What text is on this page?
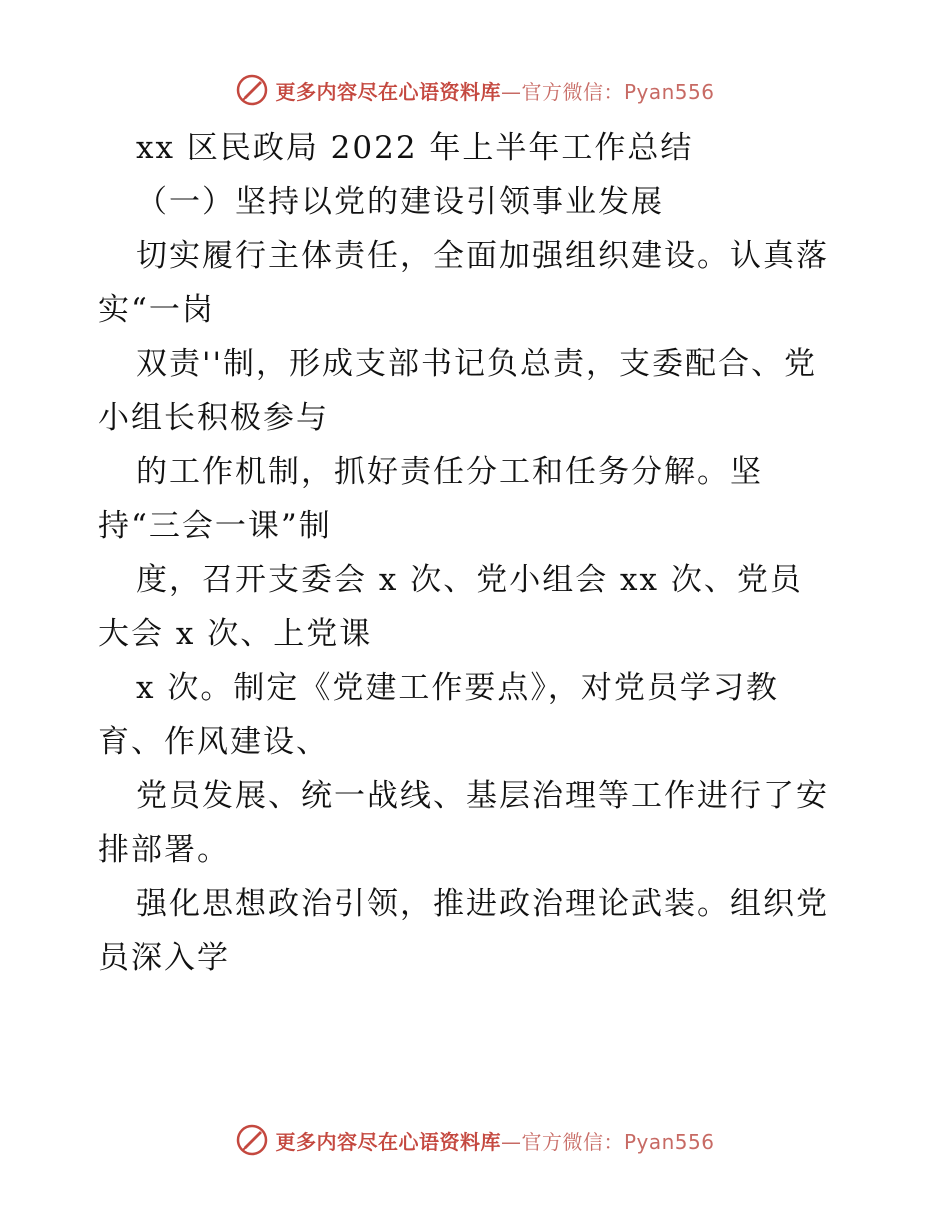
更多内容尽在心语资料库—官方微信：Pyan556
xx 区民政局 2022 年上半年工作总结
（一）坚持以党的建设引领事业发展
切实履行主体责任，全面加强组织建设。认真落
实“一岗
双责''制，形成支部书记负总责，支委配合、党
小组长积极参与
的工作机制，抓好责任分工和任务分解。坚
持“三会一课”制
度，召开支委会 x 次、党小组会 xx 次、党员
大会 x 次、上党课
x 次。制定《党建工作要点》，对党员学习教
育、作风建设、
党员发展、统一战线、基层治理等工作进行了安
排部署。
强化思想政治引领，推进政治理论武装。组织党
员深入学
更多内容尽在心语资料库—官方微信：Pyan556
